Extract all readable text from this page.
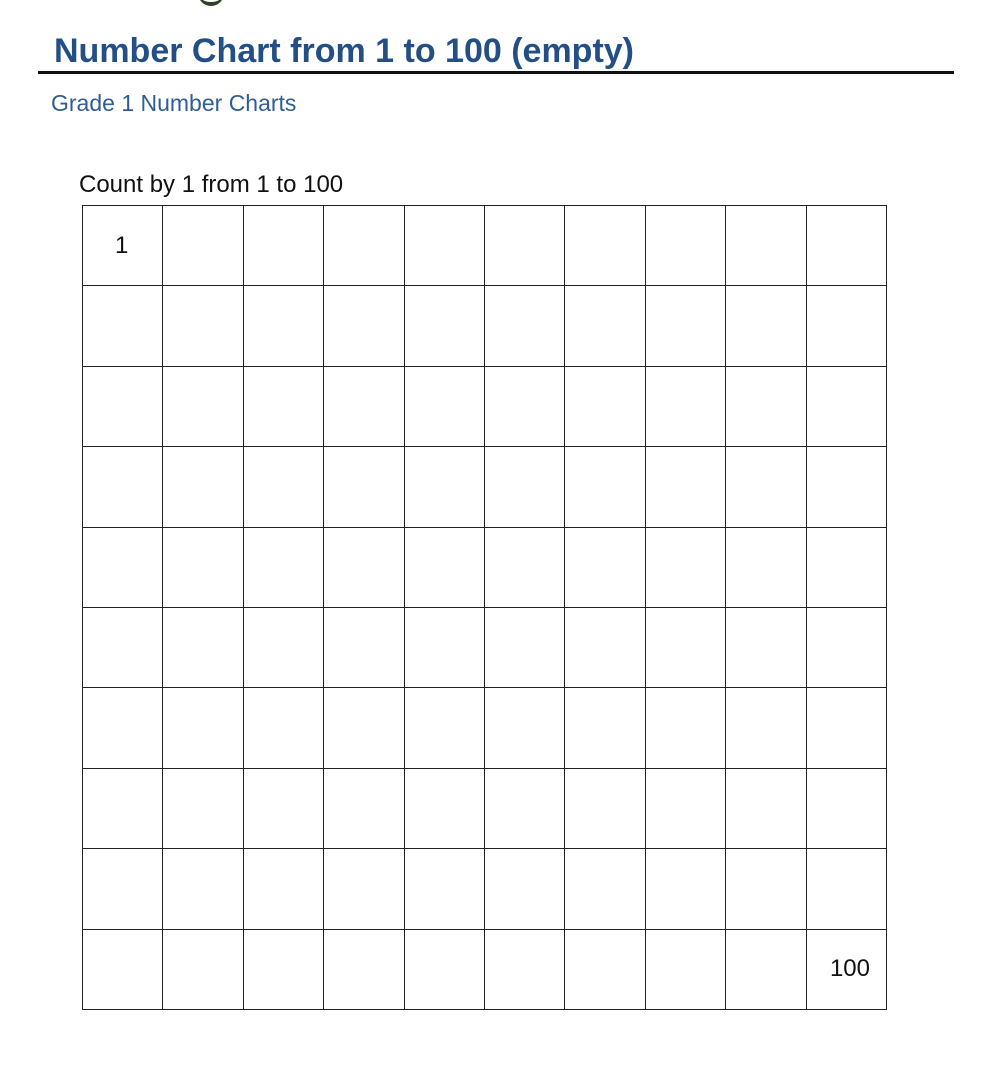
Number Chart from 1 to 100 (empty)
Grade 1 Number Charts
Count by 1 from 1 to 100
1
100
